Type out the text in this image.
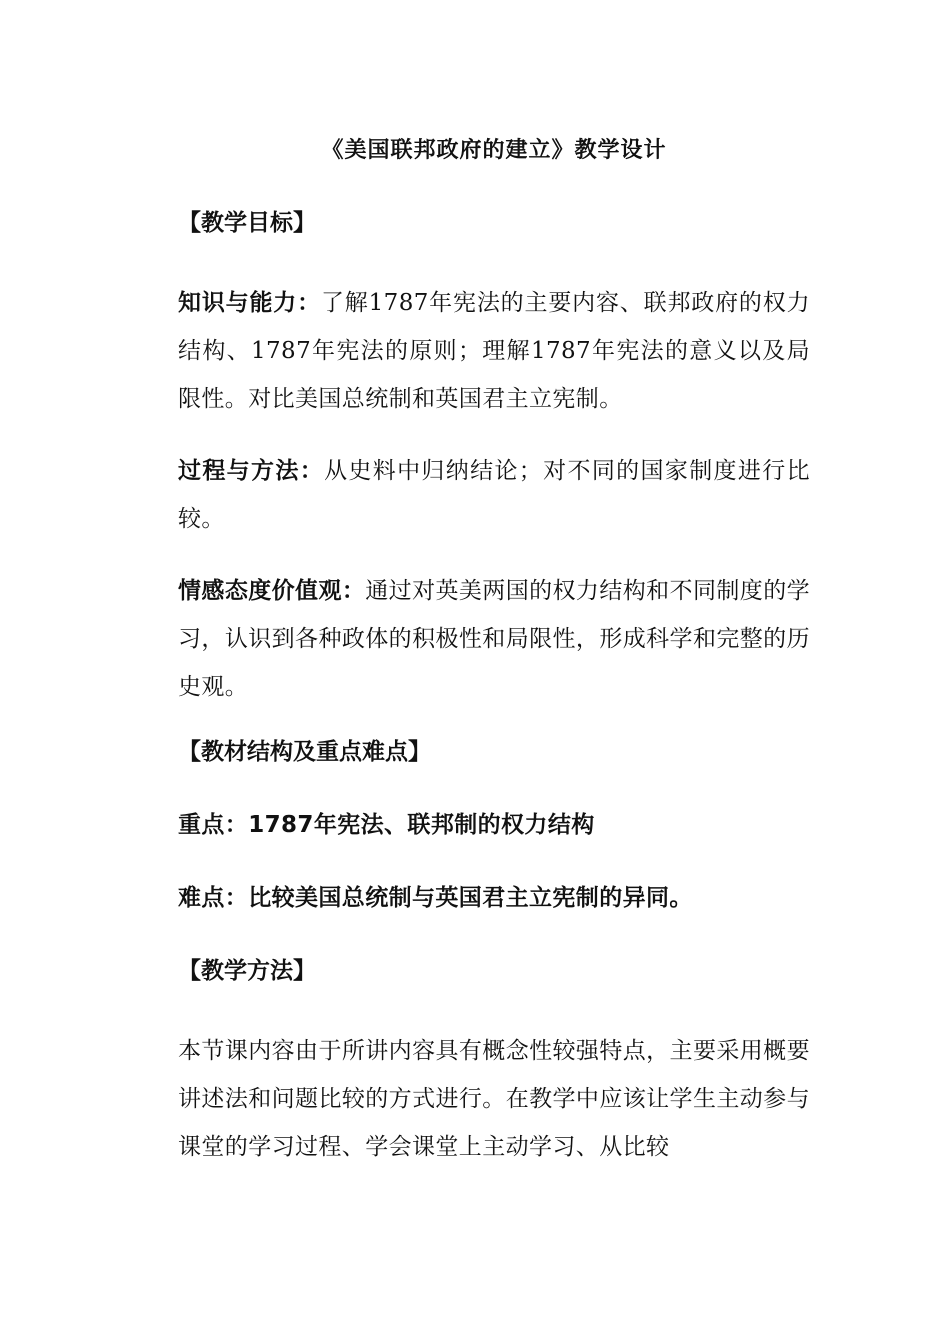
《美国联邦政府的建立》教学设计
【教学目标】
知识与能力：了解1787年宪法的主要内容、联邦政府的权力结构、1787年宪法的原则；理解1787年宪法的意义以及局限性。对比美国总统制和英国君主立宪制。
过程与方法：从史料中归纳结论；对不同的国家制度进行比较。
情感态度价值观：通过对英美两国的权力结构和不同制度的学习，认识到各种政体的积极性和局限性，形成科学和完整的历史观。
【教材结构及重点难点】
重点：1787年宪法、联邦制的权力结构
难点：比较美国总统制与英国君主立宪制的异同。
【教学方法】
本节课内容由于所讲内容具有概念性较强特点，主要采用概要讲述法和问题比较的方式进行。在教学中应该让学生主动参与课堂的学习过程、学会课堂上主动学习、从比较
